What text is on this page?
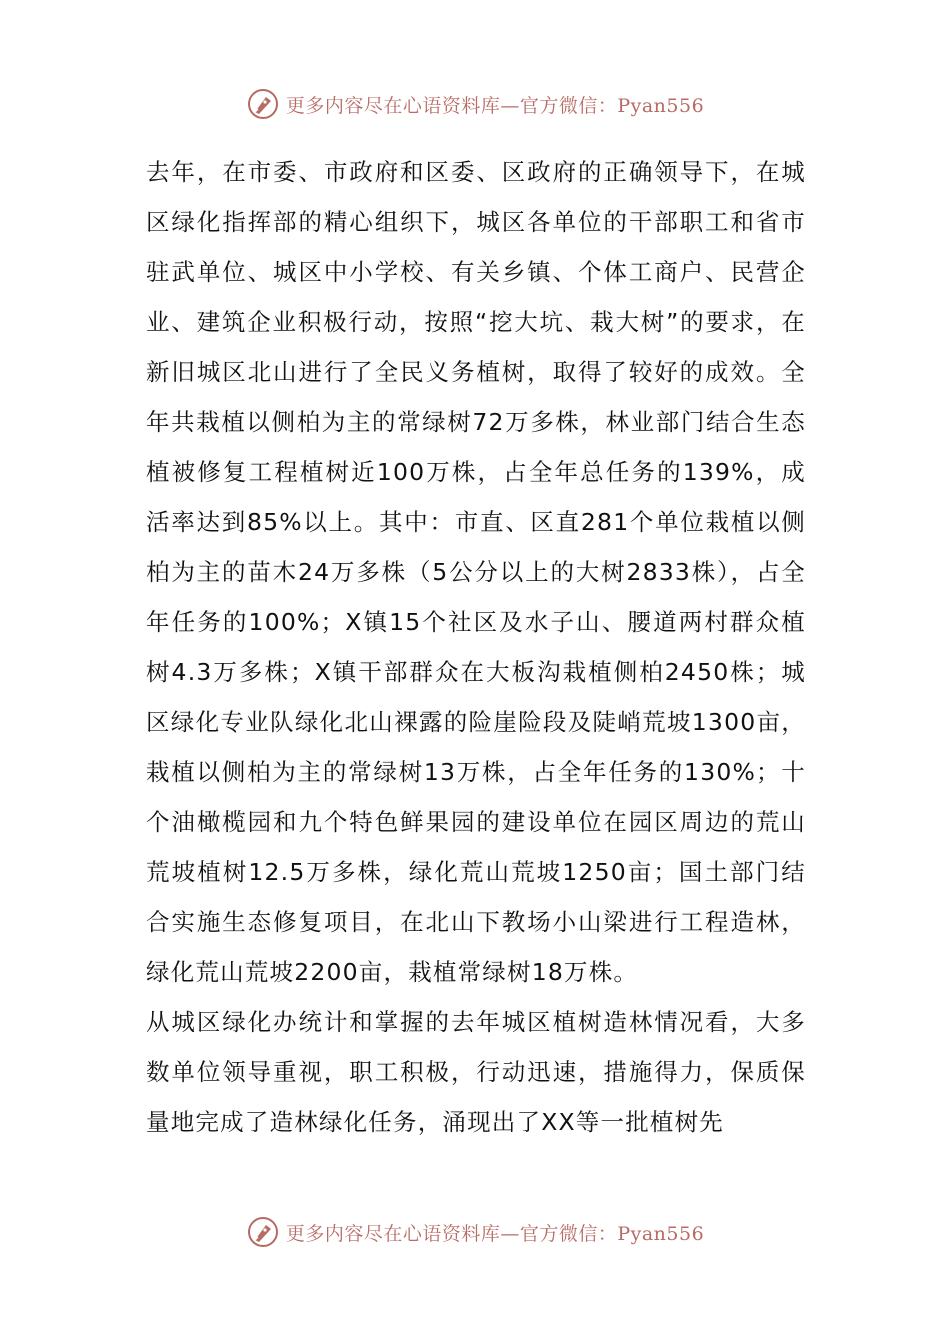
更多内容尽在心语资料库—官方微信：Pyan556

去年，在市委、市政府和区委、区政府的正确领导下，在城区绿化指挥部的精心组织下，城区各单位的干部职工和省市驻武单位、城区中小学校、有关乡镇、个体工商户、民营企业、建筑企业积极行动，按照“挖大坑、栽大树”的要求，在新旧城区北山进行了全民义务植树，取得了较好的成效。全年共栽植以侧柏为主的常绿树72万多株，林业部门结合生态植被修复工程植树近100万株，占全年总任务的139%，成活率达到85%以上。其中：市直、区直281个单位栽植以侧柏为主的苗木24万多株（5公分以上的大树2833株），占全年任务的100%；X镇15个社区及水子山、腰道两村群众植树4.3万多株；X镇干部群众在大板沟栽植侧柏2450株；城区绿化专业队绿化北山裸露的险崖险段及陡峭荒坡1300亩，栽植以侧柏为主的常绿树13万株，占全年任务的130%；十个油橄榄园和九个特色鲜果园的建设单位在园区周边的荒山荒坡植树12.5万多株，绿化荒山荒坡1250亩；国土部门结合实施生态修复项目，在北山下教场小山梁进行工程造林，绿化荒山荒坡2200亩，栽植常绿树18万株。

从城区绿化办统计和掌握的去年城区植树造林情况看，大多数单位领导重视，职工积极，行动迅速，措施得力，保质保量地完成了造林绿化任务，涌现出了XX等一批植树先

更多内容尽在心语资料库—官方微信：Pyan556
